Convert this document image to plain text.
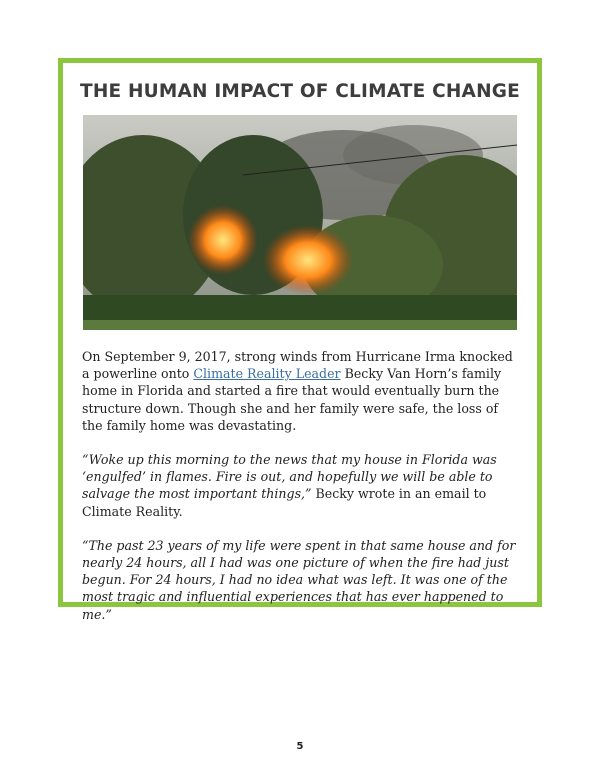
THE HUMAN IMPACT OF CLIMATE CHANGE

On September 9, 2017, strong winds from Hurricane Irma knocked a powerline onto Climate Reality Leader Becky Van Horn’s family home in Florida and started a fire that would eventually burn the structure down. Though she and her family were safe, the loss of the family home was devastating.

“Woke up this morning to the news that my house in Florida was ‘engulfed’ in flames. Fire is out, and hopefully we will be able to salvage the most important things,” Becky wrote in an email to Climate Reality.

“The past 23 years of my life were spent in that same house and for nearly 24 hours, all I had was one picture of when the fire had just begun. For 24 hours, I had no idea what was left. It was one of the most tragic and influential experiences that has ever happened to me.”

5
